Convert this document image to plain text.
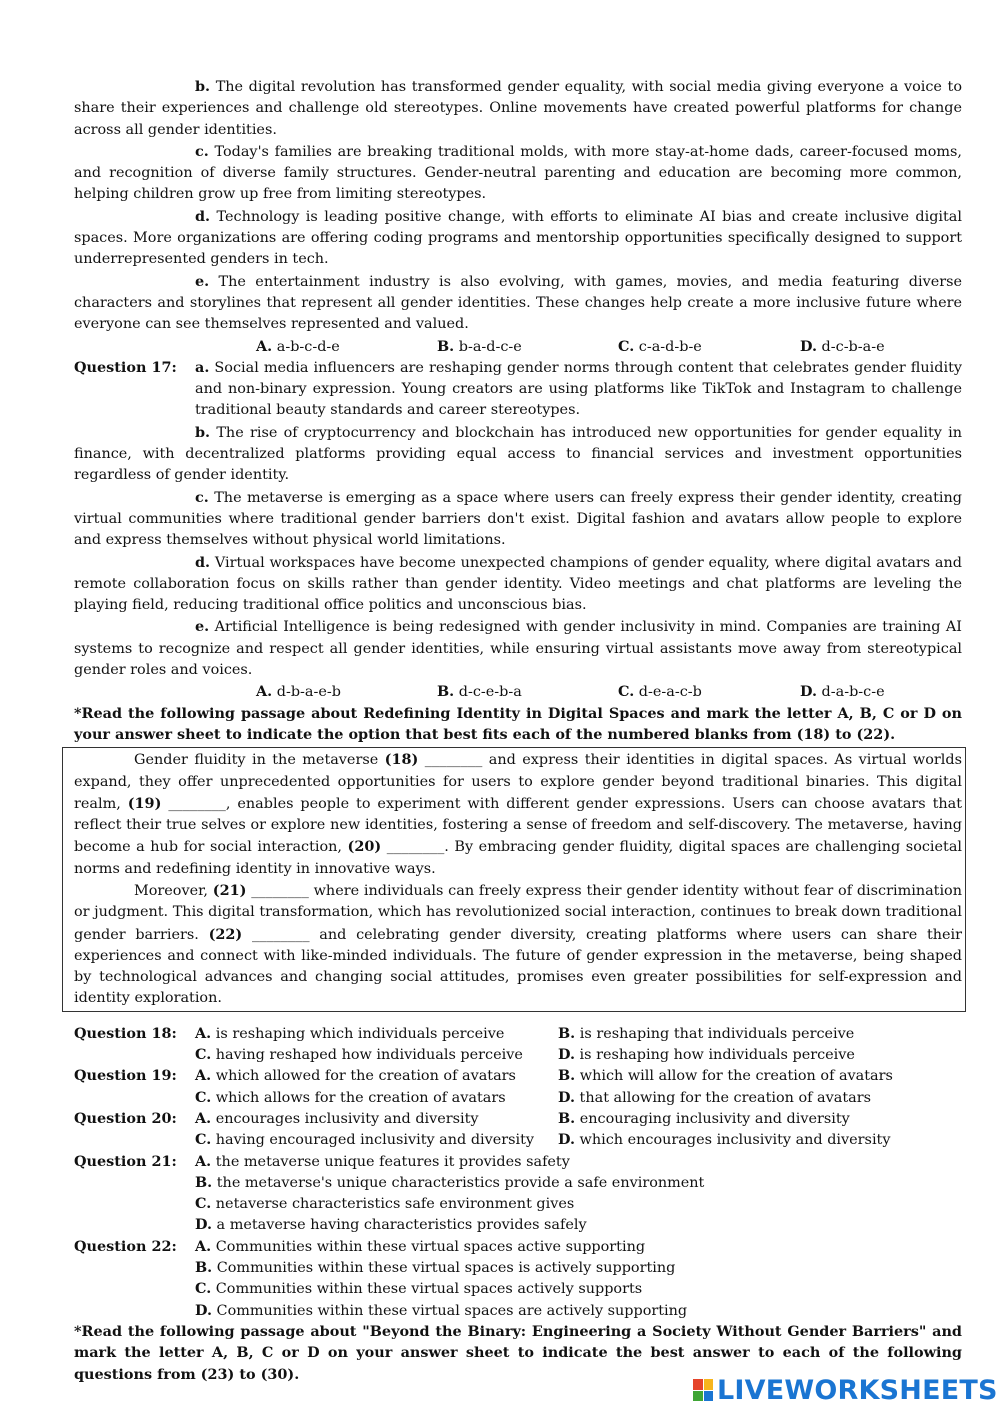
b. The digital revolution has transformed gender equality, with social media giving everyone a voice to share their experiences and challenge old stereotypes. Online movements have created powerful platforms for change across all gender identities.

c. Today's families are breaking traditional molds, with more stay-at-home dads, career-focused moms, and recognition of diverse family structures. Gender-neutral parenting and education are becoming more common, helping children grow up free from limiting stereotypes.

d. Technology is leading positive change, with efforts to eliminate AI bias and create inclusive digital spaces. More organizations are offering coding programs and mentorship opportunities specifically designed to support underrepresented genders in tech.

e. The entertainment industry is also evolving, with games, movies, and media featuring diverse characters and storylines that represent all gender identities. These changes help create a more inclusive future where everyone can see themselves represented and valued.

A. a-b-c-d-e	B. b-a-d-c-e	C. c-a-d-b-e	D. d-c-b-a-e
Question 17:	a. Social media influencers are reshaping gender norms through content that celebrates gender fluidity and non-binary expression. Young creators are using platforms like TikTok and Instagram to challenge traditional beauty standards and career stereotypes.

b. The rise of cryptocurrency and blockchain has introduced new opportunities for gender equality in finance, with decentralized platforms providing equal access to financial services and investment opportunities regardless of gender identity.

c. The metaverse is emerging as a space where users can freely express their gender identity, creating virtual communities where traditional gender barriers don't exist. Digital fashion and avatars allow people to explore and express themselves without physical world limitations.

d. Virtual workspaces have become unexpected champions of gender equality, where digital avatars and remote collaboration focus on skills rather than gender identity. Video meetings and chat platforms are leveling the playing field, reducing traditional office politics and unconscious bias.

e. Artificial Intelligence is being redesigned with gender inclusivity in mind. Companies are training AI systems to recognize and respect all gender identities, while ensuring virtual assistants move away from stereotypical gender roles and voices.

A. d-b-a-e-b	B. d-c-e-b-a	C. d-e-a-c-b	D. d-a-b-c-e

*Read the following passage about Redefining Identity in Digital Spaces and mark the letter A, B, C or D on your answer sheet to indicate the option that best fits each of the numbered blanks from (18) to (22).

Gender fluidity in the metaverse (18) ________ and express their identities in digital spaces. As virtual worlds expand, they offer unprecedented opportunities for users to explore gender beyond traditional binaries. This digital realm, (19) ________, enables people to experiment with different gender expressions. Users can choose avatars that reflect their true selves or explore new identities, fostering a sense of freedom and self-discovery. The metaverse, having become a hub for social interaction, (20) ________. By embracing gender fluidity, digital spaces are challenging societal norms and redefining identity in innovative ways.

Moreover, (21) ________ where individuals can freely express their gender identity without fear of discrimination or judgment. This digital transformation, which has revolutionized social interaction, continues to break down traditional gender barriers. (22) ________ and celebrating gender diversity, creating platforms where users can share their experiences and connect with like-minded individuals. The future of gender expression in the metaverse, being shaped by technological advances and changing social attitudes, promises even greater possibilities for self-expression and identity exploration.

Question 18: A. is reshaping which individuals perceive	B. is reshaping that individuals perceive
C. having reshaped how individuals perceive D. is reshaping how individuals perceive
Question 19: A. which allowed for the creation of avatars	B. which will allow for the creation of avatars
C. which allows for the creation of avatars	D. that allowing for the creation of avatars
Question 20: A. encourages inclusivity and diversity	B. encouraging inclusivity and diversity
C. having encouraged inclusivity and diversity D. which encourages inclusivity and diversity
Question 21: A. the metaverse unique features it provides safety
B. the metaverse's unique characteristics provide a safe environment
C. netaverse characteristics safe environment gives
D. a metaverse having characteristics provides safely
Question 22: A. Communities within these virtual spaces active supporting
B. Communities within these virtual spaces is actively supporting
C. Communities within these virtual spaces actively supports
D. Communities within these virtual spaces are actively supporting

*Read the following passage about "Beyond the Binary: Engineering a Society Without Gender Barriers" and mark the letter A, B, C or D on your answer sheet to indicate the best answer to each of the following questions from (23) to (30).

LIVEWORKSHEETS
